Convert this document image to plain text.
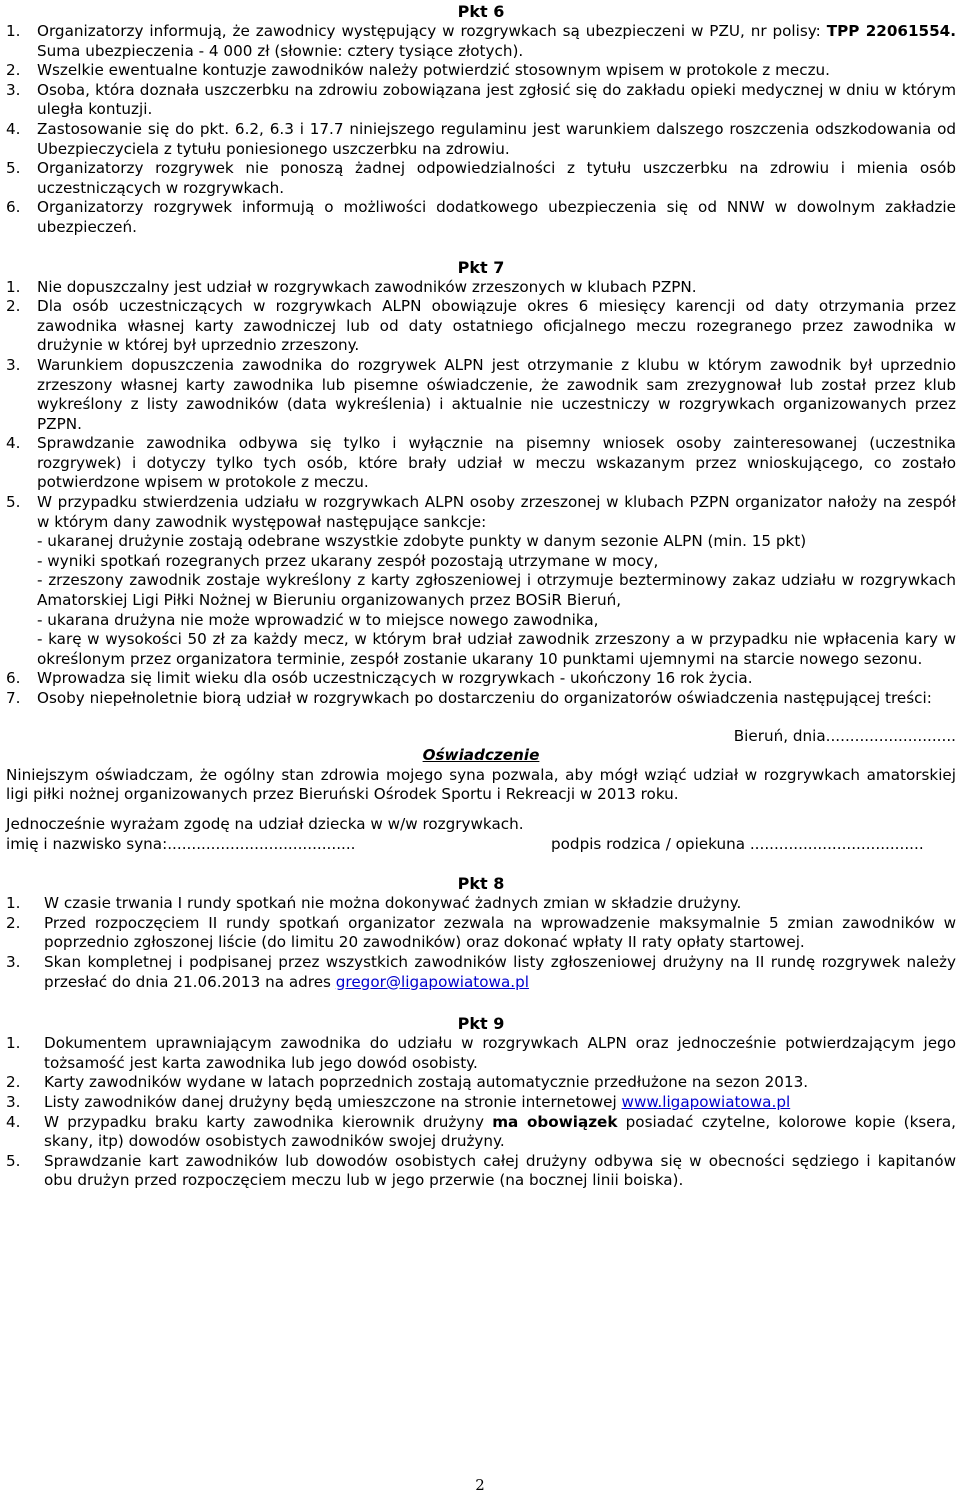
Pkt 6
1.	Organizatorzy informują, że zawodnicy występujący w rozgrywkach są ubezpieczeni w PZU, nr polisy: TPP 22061554. Suma ubezpieczenia - 4 000 zł (słownie: cztery tysiące złotych).
2.	Wszelkie ewentualne kontuzje zawodników należy potwierdzić stosownym wpisem w protokole z meczu.
3.	Osoba, która doznała uszczerbku na zdrowiu zobowiązana jest zgłosić się do zakładu opieki medycznej w dniu w którym uległa kontuzji.
4.	Zastosowanie się do pkt. 6.2, 6.3 i 17.7 niniejszego regulaminu jest warunkiem dalszego roszczenia odszkodowania od Ubezpieczyciela z tytułu poniesionego uszczerbku na zdrowiu.
5.	Organizatorzy rozgrywek nie ponoszą żadnej odpowiedzialności z tytułu uszczerbku na zdrowiu i mienia osób uczestniczących w rozgrywkach.
6.	Organizatorzy rozgrywek informują o możliwości dodatkowego ubezpieczenia się od NNW w dowolnym zakładzie ubezpieczeń.
Pkt 7
1.	Nie dopuszczalny jest udział w rozgrywkach zawodników zrzeszonych w klubach PZPN.
2.	Dla osób uczestniczących w rozgrywkach ALPN obowiązuje okres 6 miesięcy karencji od daty otrzymania przez zawodnika własnej karty zawodniczej lub od daty ostatniego oficjalnego meczu rozegranego przez zawodnika w drużynie w której był uprzednio zrzeszony.
3.	Warunkiem dopuszczenia zawodnika do rozgrywek ALPN jest otrzymanie z klubu w którym zawodnik był uprzednio zrzeszony własnej karty zawodnika lub pisemne oświadczenie, że zawodnik sam zrezygnował lub został przez klub wykreślony z listy zawodników (data wykreślenia) i aktualnie nie uczestniczy w rozgrywkach organizowanych przez PZPN.
4.	Sprawdzanie zawodnika odbywa się tylko i wyłącznie na pisemny wniosek osoby zainteresowanej (uczestnika rozgrywek) i dotyczy tylko tych osób, które brały udział w meczu wskazanym przez wnioskującego, co zostało potwierdzone wpisem w protokole z meczu.
5.	W przypadku stwierdzenia udziału w rozgrywkach ALPN osoby zrzeszonej w klubach PZPN organizator nałoży na zespół w którym dany zawodnik występował następujące sankcje:
- ukaranej drużynie zostają odebrane wszystkie zdobyte punkty w danym sezonie ALPN (min. 15 pkt)
- wyniki spotkań rozegranych przez ukarany zespół pozostają utrzymane w mocy,
- zrzeszony zawodnik zostaje wykreślony z karty zgłoszeniowej i otrzymuje bezterminowy zakaz udziału w rozgrywkach Amatorskiej Ligi Piłki Nożnej w Bieruniu organizowanych przez BOSiR Bieruń,
- ukarana drużyna nie może wprowadzić w to miejsce nowego zawodnika,
- karę w wysokości 50 zł za każdy mecz, w którym brał udział zawodnik zrzeszony a w przypadku nie wpłacenia kary w określonym przez organizatora terminie, zespół zostanie ukarany 10 punktami ujemnymi na starcie nowego sezonu.
6.	Wprowadza się limit wieku dla osób uczestniczących w rozgrywkach - ukończony 16 rok życia.
7.	Osoby niepełnoletnie biorą udział w rozgrywkach po dostarczeniu do organizatorów oświadczenia następującej treści:
Bieruń, dnia...........................
Oświadczenie
Niniejszym oświadczam, że ogólny stan zdrowia mojego syna pozwala, aby mógł wziąć udział w rozgrywkach amatorskiej ligi piłki nożnej organizowanych przez Bieruński Ośrodek Sportu i Rekreacji w 2013 roku.
Jednocześnie wyrażam zgodę na udział dziecka w w/w rozgrywkach.
imię i nazwisko syna:.......................................	podpis rodzica / opiekuna ....................................
Pkt 8
1.	W czasie trwania I rundy spotkań nie można dokonywać żadnych zmian w składzie drużyny.
2.	Przed rozpoczęciem II rundy spotkań organizator zezwala na wprowadzenie maksymalnie 5 zmian zawodników w poprzednio zgłoszonej liście (do limitu 20 zawodników) oraz dokonać wpłaty II raty opłaty startowej.
3.	Skan kompletnej i podpisanej przez wszystkich zawodników listy zgłoszeniowej drużyny na II rundę rozgrywek należy przesłać do dnia 21.06.2013 na adres gregor@ligapowiatowa.pl
Pkt 9
1.	Dokumentem uprawniającym zawodnika do udziału w rozgrywkach ALPN oraz jednocześnie potwierdzającym jego tożsamość jest karta zawodnika lub jego dowód osobisty.
2.	Karty zawodników wydane w latach poprzednich zostają automatycznie przedłużone na sezon 2013.
3.	Listy zawodników danej drużyny będą umieszczone na stronie internetowej www.ligapowiatowa.pl
4.	W przypadku braku karty zawodnika kierownik drużyny ma obowiązek posiadać czytelne, kolorowe kopie (ksera, skany, itp) dowodów osobistych zawodników swojej drużyny.
5.	Sprawdzanie kart zawodników lub dowodów osobistych całej drużyny odbywa się w obecności sędziego i kapitanów obu drużyn przed rozpoczęciem meczu lub w jego przerwie (na bocznej linii boiska).
2
